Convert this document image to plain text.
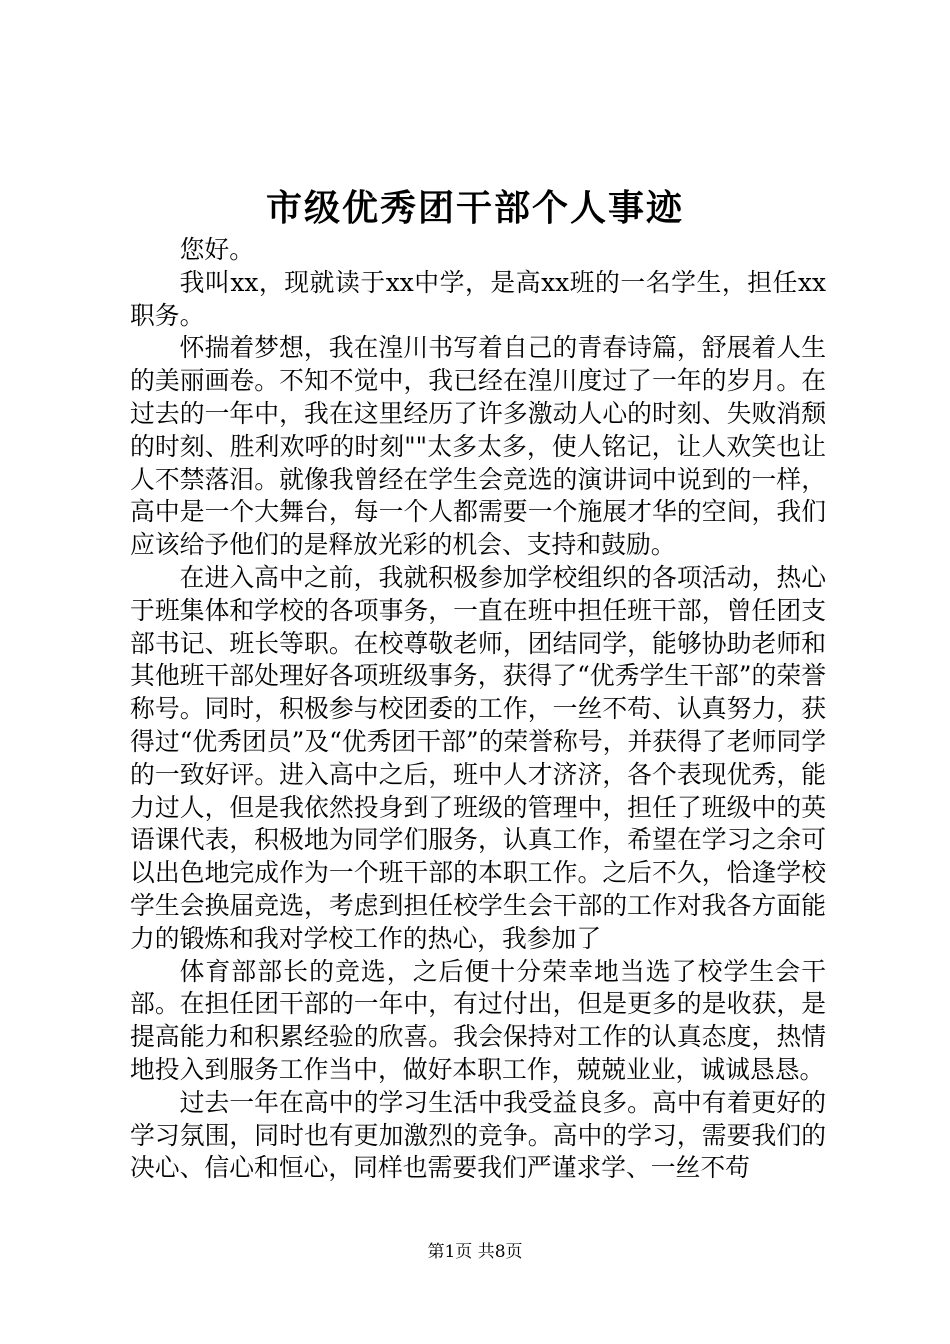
市级优秀团干部个人事迹

您好。

我叫xx，现就读于xx中学，是高xx班的一名学生，担任xx职务。

怀揣着梦想，我在湟川书写着自己的青春诗篇，舒展着人生的美丽画卷。不知不觉中，我已经在湟川度过了一年的岁月。在过去的一年中，我在这里经历了许多激动人心的时刻、失败消颓的时刻、胜利欢呼的时刻""太多太多，使人铭记，让人欢笑也让人不禁落泪。就像我曾经在学生会竞选的演讲词中说到的一样，高中是一个大舞台，每一个人都需要一个施展才华的空间，我们应该给予他们的是释放光彩的机会、支持和鼓励。

在进入高中之前，我就积极参加学校组织的各项活动，热心于班集体和学校的各项事务，一直在班中担任班干部，曾任团支部书记、班长等职。在校尊敬老师，团结同学，能够协助老师和其他班干部处理好各项班级事务，获得了“优秀学生干部”的荣誉称号。同时，积极参与校团委的工作，一丝不苟、认真努力，获得过“优秀团员”及“优秀团干部”的荣誉称号，并获得了老师同学的一致好评。进入高中之后，班中人才济济，各个表现优秀，能力过人，但是我依然投身到了班级的管理中，担任了班级中的英语课代表，积极地为同学们服务，认真工作，希望在学习之余可以出色地完成作为一个班干部的本职工作。之后不久，恰逢学校学生会换届竞选，考虑到担任校学生会干部的工作对我各方面能力的锻炼和我对学校工作的热心，我参加了

体育部部长的竞选，之后便十分荣幸地当选了校学生会干部。在担任团干部的一年中，有过付出，但是更多的是收获，是提高能力和积累经验的欣喜。我会保持对工作的认真态度，热情地投入到服务工作当中，做好本职工作，兢兢业业，诚诚恳恳。

过去一年在高中的学习生活中我受益良多。高中有着更好的学习氛围，同时也有更加激烈的竞争。高中的学习，需要我们的决心、信心和恒心，同样也需要我们严谨求学、一丝不苟

第1页 共8页
